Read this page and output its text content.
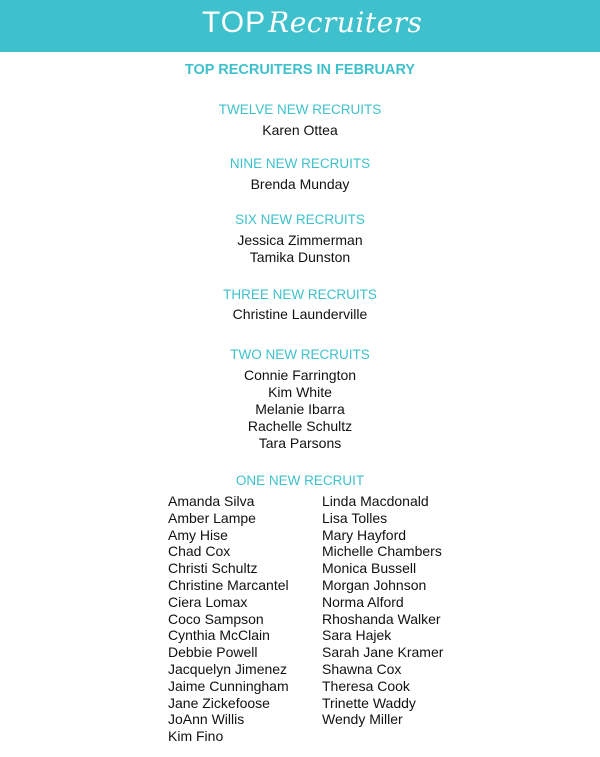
TOP Recruiters
TOP RECRUITERS IN FEBRUARY
TWELVE NEW RECRUITS
Karen Ottea
NINE NEW RECRUITS
Brenda Munday
SIX NEW RECRUITS
Jessica Zimmerman
Tamika Dunston
THREE NEW RECRUITS
Christine Launderville
TWO NEW RECRUITS
Connie Farrington
Kim White
Melanie Ibarra
Rachelle Schultz
Tara Parsons
ONE NEW RECRUIT
Amanda Silva
Amber Lampe
Amy Hise
Chad Cox
Christi Schultz
Christine Marcantel
Ciera Lomax
Coco Sampson
Cynthia McClain
Debbie Powell
Jacquelyn Jimenez
Jaime Cunningham
Jane Zickefoose
JoAnn Willis
Kim Fino
Linda Macdonald
Lisa Tolles
Mary Hayford
Michelle Chambers
Monica Bussell
Morgan Johnson
Norma Alford
Rhoshanda Walker
Sara Hajek
Sarah Jane Kramer
Shawna Cox
Theresa Cook
Trinette Waddy
Wendy Miller
